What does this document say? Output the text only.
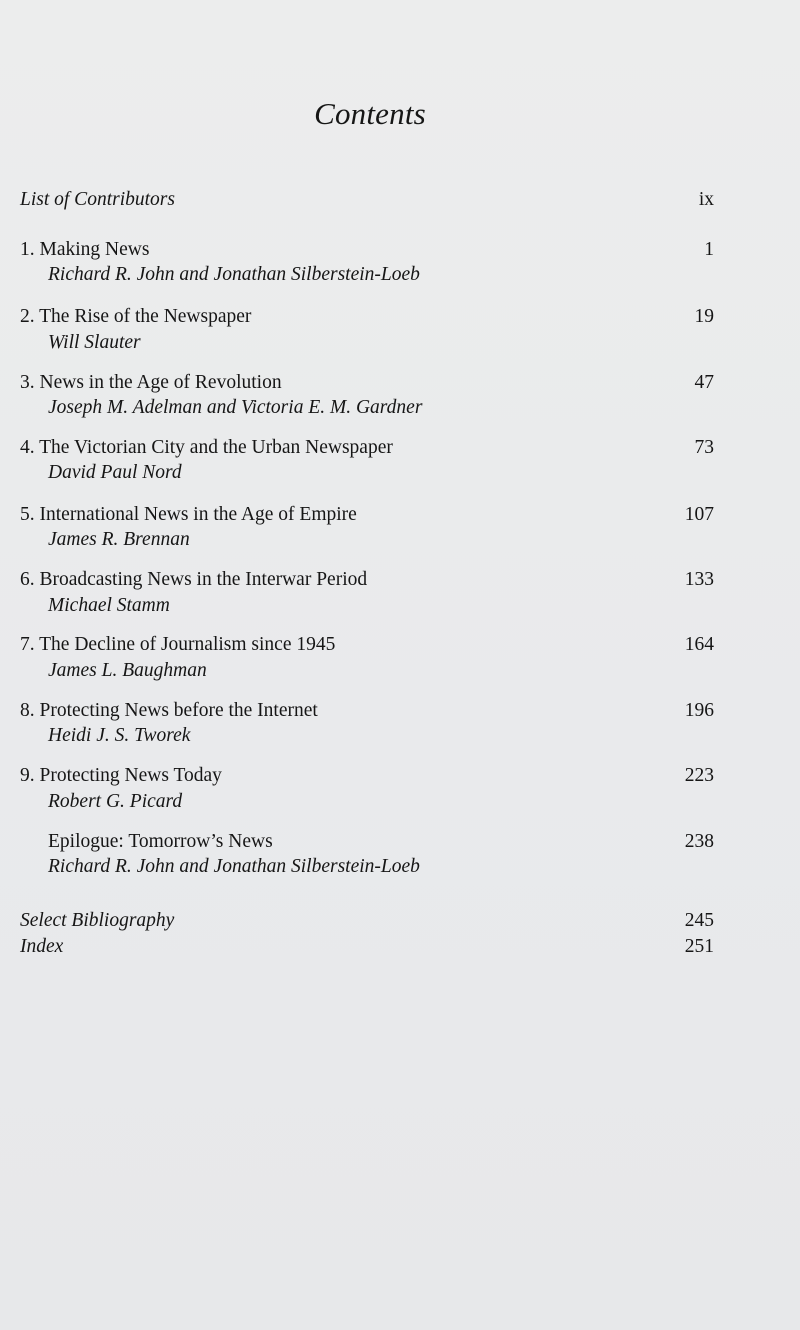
Contents
List of Contributors	ix
1. Making News	1
Richard R. John and Jonathan Silberstein-Loeb
2. The Rise of the Newspaper	19
Will Slauter
3. News in the Age of Revolution	47
Joseph M. Adelman and Victoria E. M. Gardner
4. The Victorian City and the Urban Newspaper	73
David Paul Nord
5. International News in the Age of Empire	107
James R. Brennan
6. Broadcasting News in the Interwar Period	133
Michael Stamm
7. The Decline of Journalism since 1945	164
James L. Baughman
8. Protecting News before the Internet	196
Heidi J. S. Tworek
9. Protecting News Today	223
Robert G. Picard
Epilogue: Tomorrow’s News	238
Richard R. John and Jonathan Silberstein-Loeb
Select Bibliography	245
Index	251
